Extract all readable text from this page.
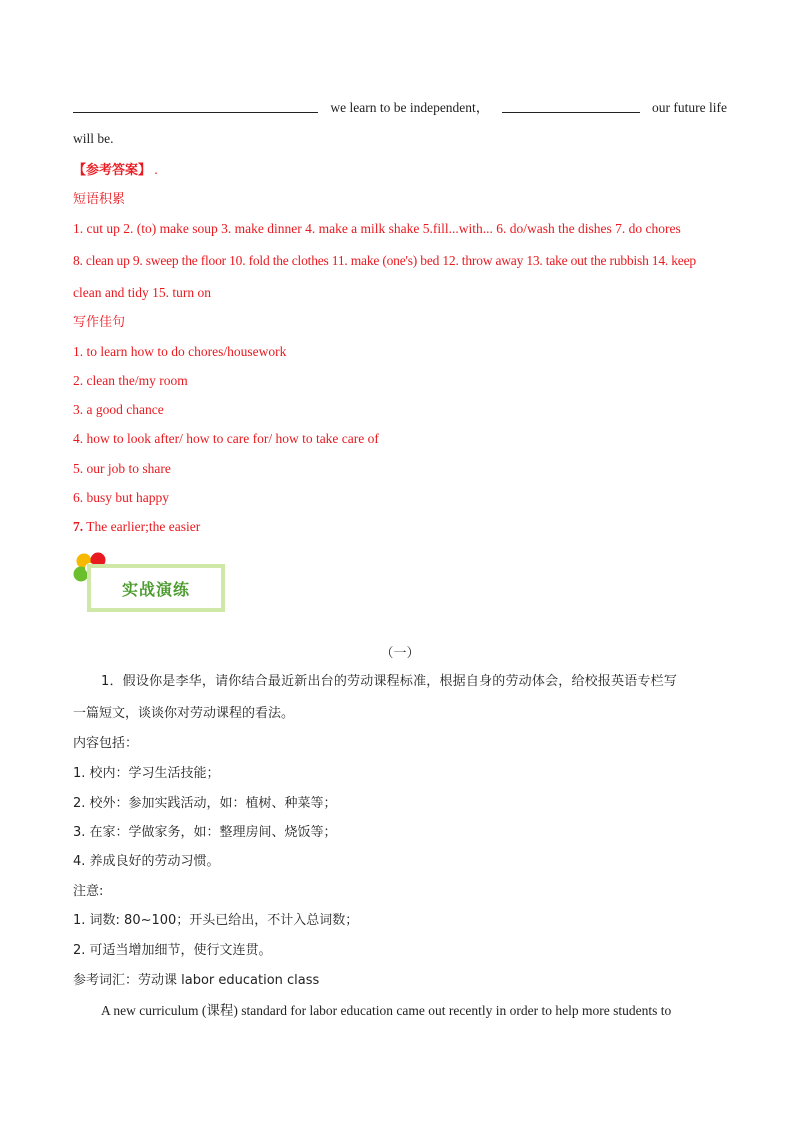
we learn to be independent，	our future life
will be.
【参考答案】 .
短语积累
1. cut up 2. (to) make soup 3. make dinner 4. make a milk shake 5.fill...with... 6. do/wash the dishes 7. do chores
8. clean up 9. sweep the floor 10. fold the clothes 11. make (one's) bed 12. throw away 13. take out the rubbish 14. keep
clean and tidy 15. turn on
写作佳句
1. to learn how to do chores/housework
2. clean the/my room
3. a good chance
4. how to look after/ how to care for/ how to take care of
5. our job to share
6. busy but happy
7. The earlier;the easier
实战演练
（一）
1．假设你是李华，请你结合最近新出台的劳动课程标准，根据自身的劳动体会，给校报英语专栏写
一篇短文，谈谈你对劳动课程的看法。
内容包括：
1. 校内：学习生活技能；
2. 校外：参加实践活动，如：植树、种菜等；
3. 在家：学做家务，如：整理房间、烧饭等；
4. 养成良好的劳动习惯。
注意:
1. 词数: 80~100；开头已给出，不计入总词数；
2. 可适当增加细节，使行文连贯。
参考词汇：劳动课 labor education class
A new curriculum (课程) standard for labor education came out recently in order to help more students to
